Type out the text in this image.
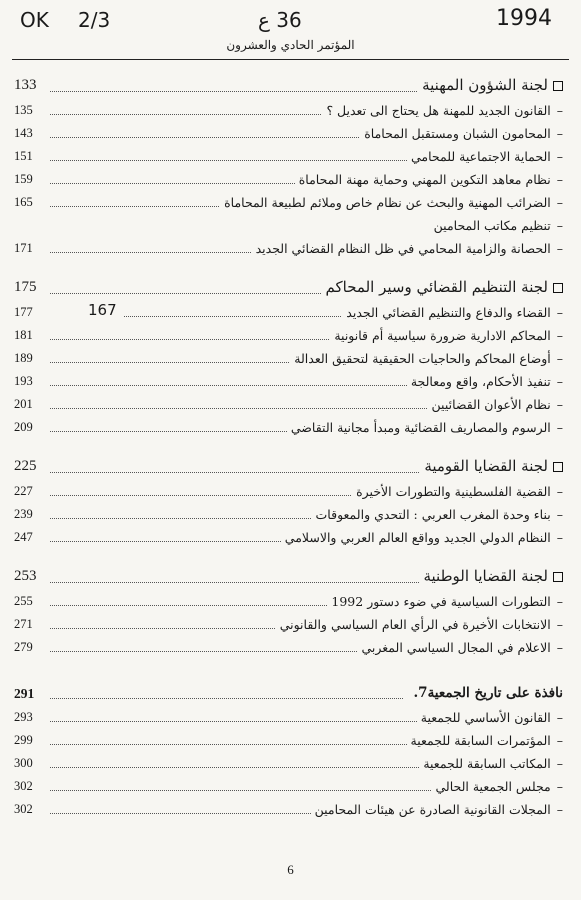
OK 2/3	36 ع	1994
المؤتمر الحادي والعشرون
133	لجنة الشؤون المهنية
135	–القانون الجديد للمهنة هل يحتاج الى تعديل ؟
143	–المحامون الشبان ومستقبل المحاماة
151	–الحماية الاجتماعية للمحامي
159	–نظام معاهد التكوين المهني وحماية مهنة المحاماة
165	–الضرائب المهنية والبحث عن نظام خاص وملائم لطبيعة المحاماة
–تنظيم مكاتب المحامين
171	–الحصانة والزامية المحامي في ظل النظام القضائي الجديد
175	لجنة التنظيم القضائي وسير المحاكم
177	167	–القضاء والدفاع والتنظيم القضائي الجديد
181	–المحاكم الادارية ضرورة سياسية أم قانونية
189	–أوضاع المحاكم والحاجيات الحقيقية لتحقيق العدالة
193	–تنفيذ الأحكام، واقع ومعالجة
201	–نظام الأعوان القضائيين
209	–الرسوم والمصاريف القضائية ومبدأ مجانية التقاضي
225	لجنة القضايا القومية
227	–القضية الفلسطينية والتطورات الأخيرة
239	–بناء وحدة المغرب العربي : التحدي والمعوقات
247	–النظام الدولي الجديد وواقع العالم العربي والاسلامي
253	لجنة القضايا الوطنية
255	–التطورات السياسية في ضوء دستور 1992
271	–الانتخابات الأخيرة في الرأي العام السياسي والقانوني
279	–الاعلام في المجال السياسي المغربي
291	نافذة على تاريخ الجمعية7.
293	–القانون الأساسي للجمعية
299	–المؤتمرات السابقة للجمعية
300	–المكاتب السابقة للجمعية
302	–مجلس الجمعية الحالي
302	–المجلات القانونية الصادرة عن هيئات المحامين
6
